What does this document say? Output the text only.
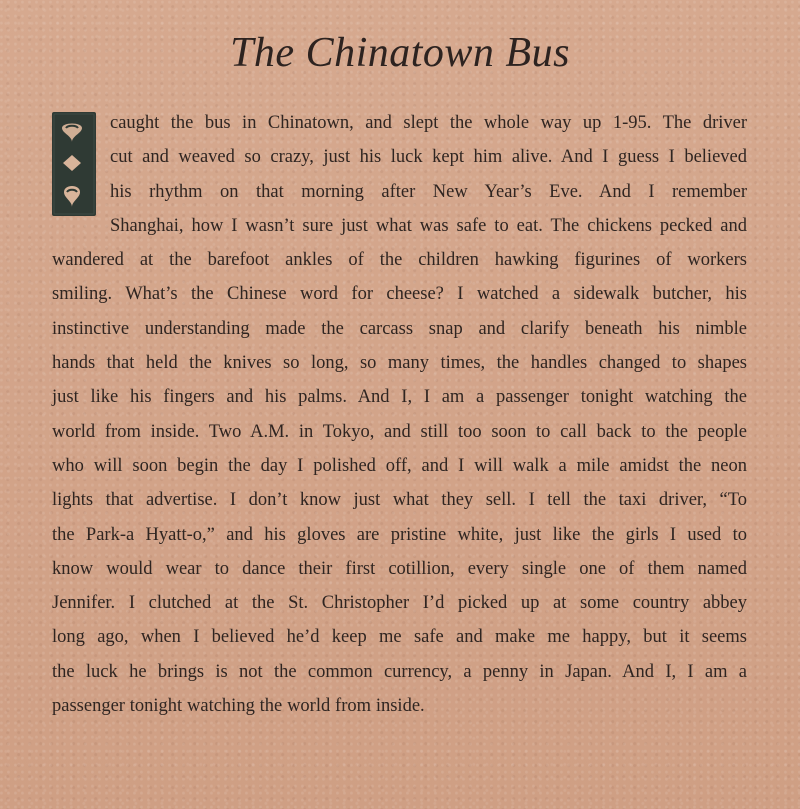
The Chinatown Bus
caught the bus in Chinatown, and slept the whole way up 1-95. The driver
cut and weaved so crazy, just his luck kept him alive. And I guess I believed
his rhythm on that morning after New Year’s Eve. And I remember
Shanghai, how I wasn’t sure just what was safe to eat. The chickens pecked and
wandered at the barefoot ankles of the children hawking figurines of workers
smiling. What’s the Chinese word for cheese? I watched a sidewalk butcher, his
instinctive understanding made the carcass snap and clarify beneath his nimble
hands that held the knives so long, so many times, the handles changed to shapes
just like his fingers and his palms. And I, I am a passenger tonight watching the
world from inside. Two A.M. in Tokyo, and still too soon to call back to the people
who will soon begin the day I polished off, and I will walk a mile amidst the neon
lights that advertise. I don’t know just what they sell. I tell the taxi driver, “To
the Park-a Hyatt-o,” and his gloves are pristine white, just like the girls I used to
know would wear to dance their first cotillion, every single one of them named
Jennifer. I clutched at the St. Christopher I’d picked up at some country abbey
long ago, when I believed he’d keep me safe and make me happy, but it seems
the luck he brings is not the common currency, a penny in Japan. And I, I am a
passenger tonight watching the world from inside.
